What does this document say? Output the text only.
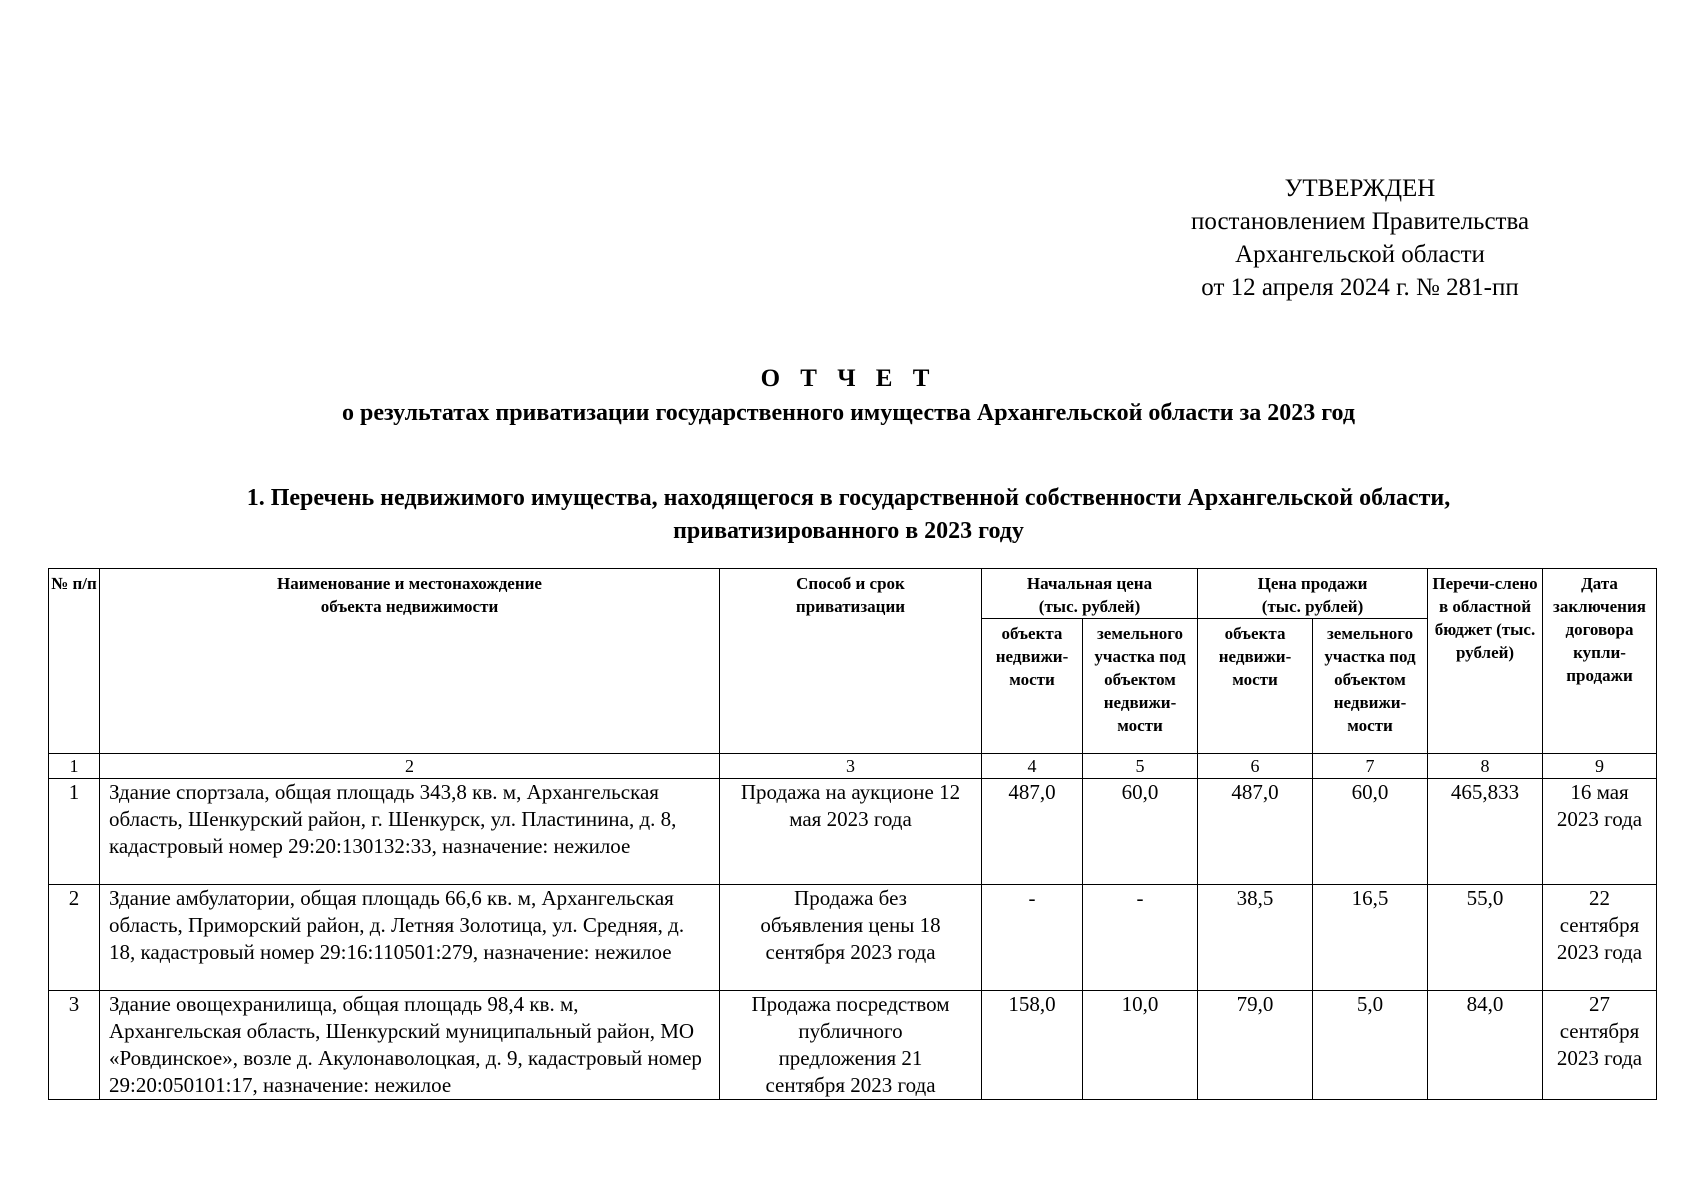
УТВЕРЖДЕН
постановлением Правительства
Архангельской области
от 12 апреля 2024 г. № 281-пп
О Т Ч Е Т
о результатах приватизации государственного имущества Архангельской области за 2023 год
1. Перечень недвижимого имущества, находящегося в государственной собственности Архангельской области,
приватизированного в 2023 году
№ п/п	Наименование и местонахождение объекта недвижимости	Способ и срок приватизации	Начальная цена (тыс. рублей)		Цена продажи (тыс. рублей)		Перечи-слено в областной бюджет (тыс. рублей)	Дата заключения договора купли-продажи
			объекта недвижи-мости	земельного участка под объектом недвижи-мости	объекта недвижи-мости	земельного участка под объектом недвижи-мости		
1	2	3	4	5	6	7	8	9
1	Здание спортзала, общая площадь 343,8 кв. м, Архангельская область, Шенкурский район, г. Шенкурск, ул. Пластинина, д. 8, кадастровый номер 29:20:130132:33, назначение: нежилое	Продажа на аукционе 12 мая 2023 года	487,0	60,0	487,0	60,0	465,833	16 мая 2023 года
2	Здание амбулатории, общая площадь 66,6 кв. м, Архангельская область, Приморский район, д. Летняя Золотица, ул. Средняя, д. 18, кадастровый номер 29:16:110501:279, назначение: нежилое	Продажа без объявления цены 18 сентября 2023 года	-	-	38,5	16,5	55,0	22 сентября 2023 года
3	Здание овощехранилища, общая площадь 98,4 кв. м, Архангельская область, Шенкурский муниципальный район, МО «Ровдинское», возле д. Акулонаволоцкая, д. 9, кадастровый номер 29:20:050101:17, назначение: нежилое	Продажа посредством публичного предложения 21 сентября 2023 года	158,0	10,0	79,0	5,0	84,0	27 сентября 2023 года
